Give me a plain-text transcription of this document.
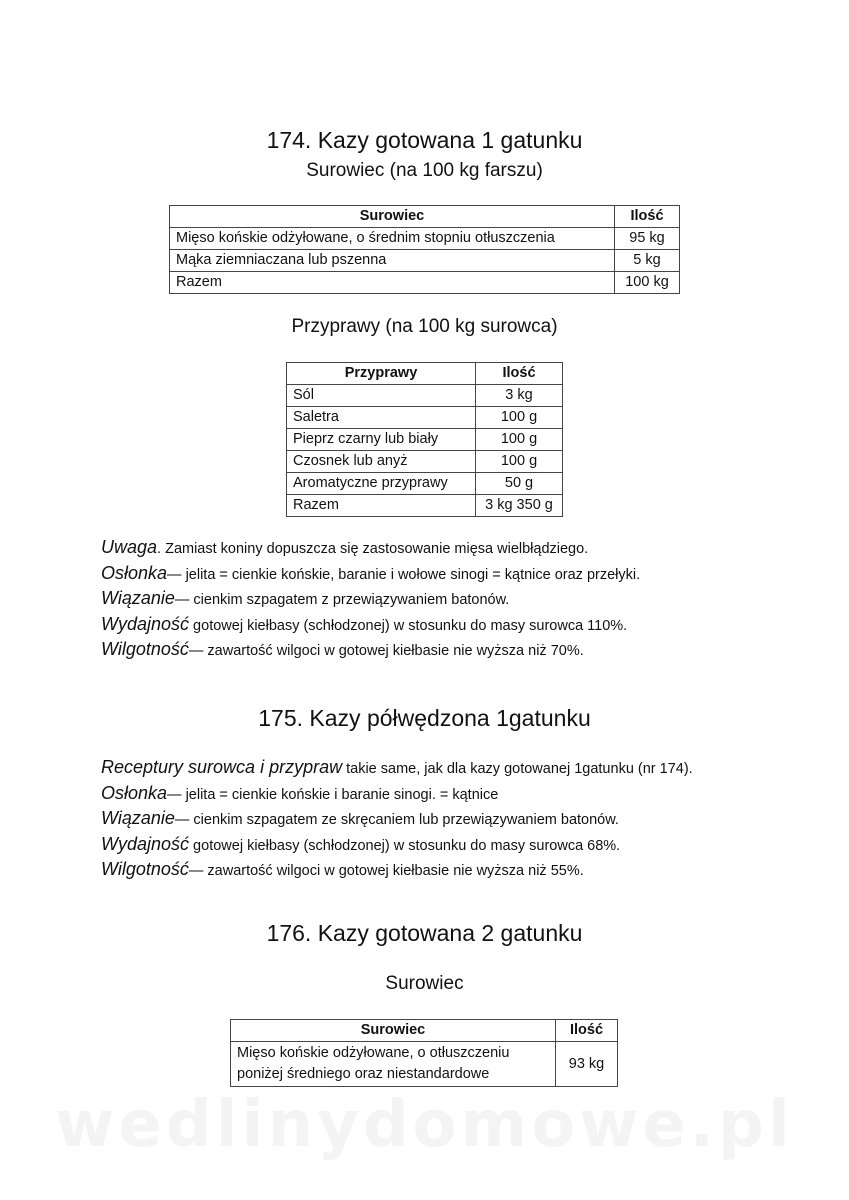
174. Kazy gotowana 1 gatunku
Surowiec (na 100 kg farszu)
Surowiec	Ilość
Mięso końskie odżyłowane, o średnim stopniu otłuszczenia	95 kg
Mąka ziemniaczana lub pszenna	5 kg
Razem	100 kg
Przyprawy (na 100 kg surowca)
Przyprawy	Ilość
Sól	3 kg
Saletra	100 g
Pieprz czarny lub biały	100 g
Czosnek lub anyż	100 g
Aromatyczne przyprawy	50 g
Razem	3 kg 350 g

Uwaga. Zamiast koniny dopuszcza się zastosowanie mięsa wielbłądziego.

Osłonka— jelita = cienkie końskie, baranie i wołowe sinogi = kątnice oraz przełyki.

Wiązanie— cienkim szpagatem z przewiązywaniem batonów.

Wydajność gotowej kiełbasy (schłodzonej) w stosunku do masy surowca 110%.

Wilgotność— zawartość wilgoci w gotowej kiełbasie nie wyższa niż 70%.

175. Kazy półwędzona 1gatunku

Receptury surowca i przypraw takie same, jak dla kazy gotowanej 1gatunku (nr 174).

Osłonka— jelita = cienkie końskie i baranie sinogi. = kątnice

Wiązanie— cienkim szpagatem ze skręcaniem lub przewiązywaniem batonów.

Wydajność gotowej kiełbasy (schłodzonej) w stosunku do masy surowca 68%.

Wilgotność— zawartość wilgoci w gotowej kiełbasie nie wyższa niż 55%.

176. Kazy gotowana 2 gatunku
Surowiec
Surowiec	Ilość
Mięso końskie odżyłowane, o otłuszczeniu poniżej średniego oraz niestandardowe	93 kg
wedlinydomowe.pl
